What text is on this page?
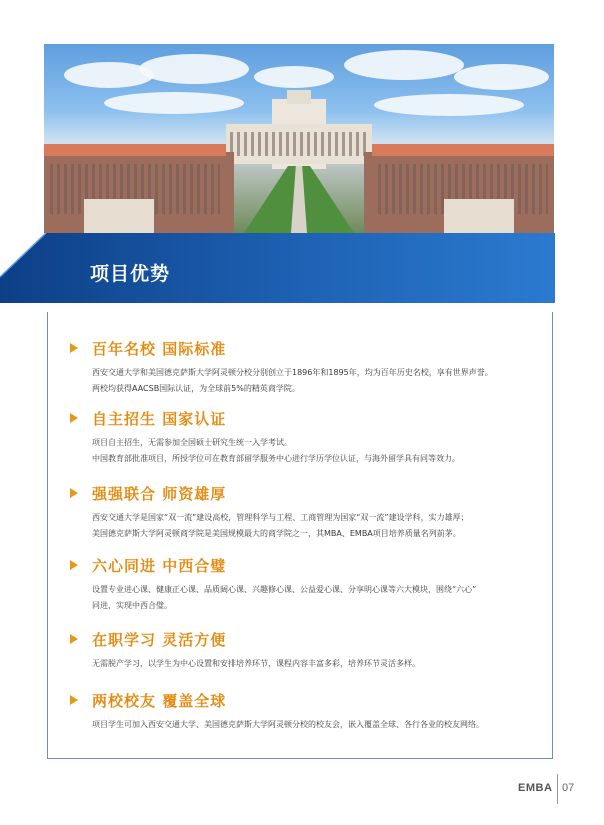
项目优势
百年名校 国际标准

西安交通大学和美国德克萨斯大学阿灵顿分校分别创立于1896年和1895年，均为百年历史名校，享有世界声誉。

两校均获得AACSB国际认证，为全球前5%的精英商学院。

自主招生 国家认证

项目自主招生，无需参加全国硕士研究生统一入学考试。

中国教育部批准项目，所授学位可在教育部留学服务中心进行学历学位认证，与海外留学具有同等效力。

强强联合 师资雄厚

西安交通大学是国家“双一流”建设高校，管理科学与工程、工商管理为国家“双一流”建设学科，实力雄厚；

美国德克萨斯大学阿灵顿商学院是美国规模最大的商学院之一，其MBA、EMBA项目培养质量名列前茅。

六心同进 中西合璧

设置专业进心课、健康正心课、品质阔心课、兴趣修心课、公益爱心课、分享明心课等六大模块，围绕“六心”

同进，实现中西合璧。

在职学习 灵活方便

无需脱产学习，以学生为中心设置和安排培养环节，课程内容丰富多彩，培养环节灵活多样。

两校校友 覆盖全球

项目学生可加入西安交通大学、美国德克萨斯大学阿灵顿分校的校友会，嵌入覆盖全球、各行各业的校友网络。

EMBA 07
